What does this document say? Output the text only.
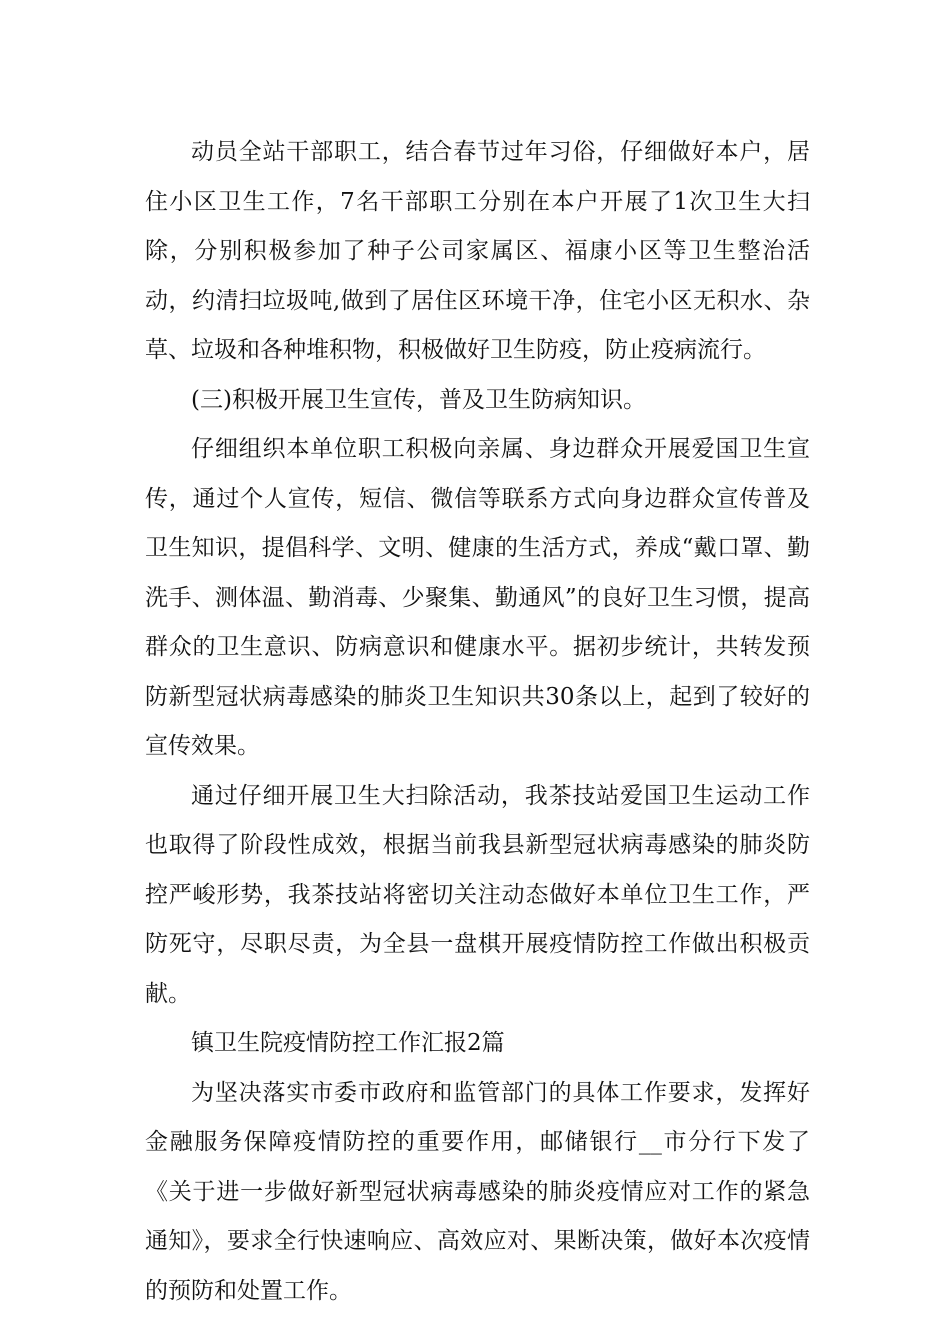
动员全站干部职工，结合春节过年习俗，仔细做好本户，居住小区卫生工作，7名干部职工分别在本户开展了1次卫生大扫除，分别积极参加了种子公司家属区、福康小区等卫生整治活动，约清扫垃圾吨,做到了居住区环境干净，住宅小区无积水、杂草、垃圾和各种堆积物，积极做好卫生防疫，防止疫病流行。

(三)积极开展卫生宣传，普及卫生防病知识。

仔细组织本单位职工积极向亲属、身边群众开展爱国卫生宣传，通过个人宣传，短信、微信等联系方式向身边群众宣传普及卫生知识，提倡科学、文明、健康的生活方式，养成“戴口罩、勤洗手、测体温、勤消毒、少聚集、勤通风”的良好卫生习惯，提高群众的卫生意识、防病意识和健康水平。据初步统计，共转发预防新型冠状病毒感染的肺炎卫生知识共30条以上，起到了较好的宣传效果。

通过仔细开展卫生大扫除活动，我茶技站爱国卫生运动工作也取得了阶段性成效，根据当前我县新型冠状病毒感染的肺炎防控严峻形势，我茶技站将密切关注动态做好本单位卫生工作，严防死守，尽职尽责，为全县一盘棋开展疫情防控工作做出积极贡献。

镇卫生院疫情防控工作汇报2篇

为坚决落实市委市政府和监管部门的具体工作要求，发挥好金融服务保障疫情防控的重要作用，邮储银行__市分行下发了《关于进一步做好新型冠状病毒感染的肺炎疫情应对工作的紧急通知》，要求全行快速响应、高效应对、果断决策，做好本次疫情的预防和处置工作。
